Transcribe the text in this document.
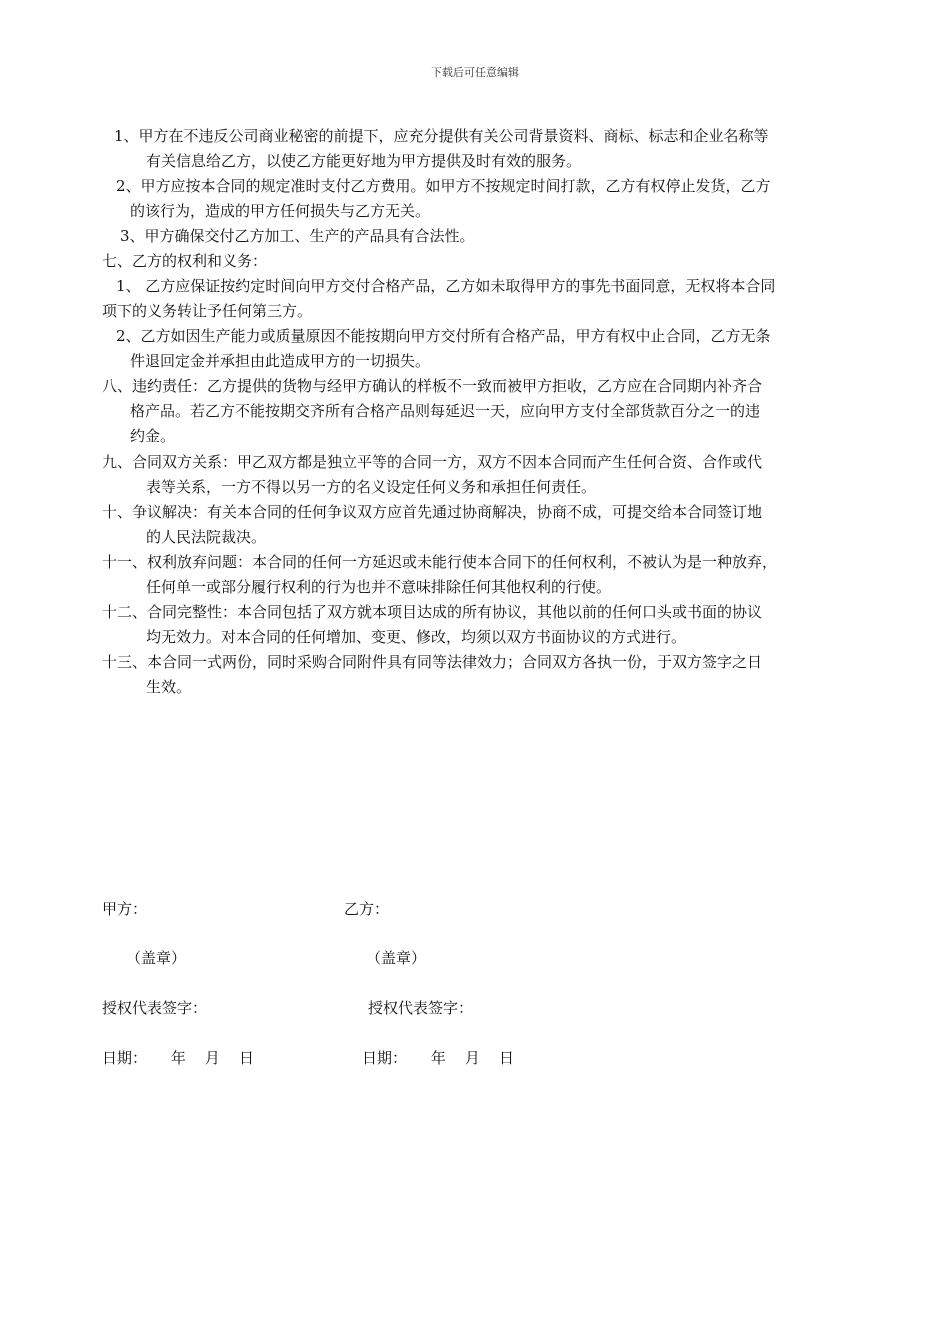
下载后可任意编辑
1、甲方在不违反公司商业秘密的前提下，应充分提供有关公司背景资料、商标、标志和企业名称等
有关信息给乙方，以使乙方能更好地为甲方提供及时有效的服务。
2、甲方应按本合同的规定准时支付乙方费用。如甲方不按规定时间打款，乙方有权停止发货，乙方
的该行为，造成的甲方任何损失与乙方无关。
3、甲方确保交付乙方加工、生产的产品具有合法性。
七、乙方的权利和义务：
1、 乙方应保证按约定时间向甲方交付合格产品，乙方如未取得甲方的事先书面同意，无权将本合同
项下的义务转让予任何第三方。
2、乙方如因生产能力或质量原因不能按期向甲方交付所有合格产品，甲方有权中止合同，乙方无条
件退回定金并承担由此造成甲方的一切损失。
八、违约责任：乙方提供的货物与经甲方确认的样板不一致而被甲方拒收，乙方应在合同期内补齐合
格产品。若乙方不能按期交齐所有合格产品则每延迟一天，应向甲方支付全部货款百分之一的违
约金。
九、合同双方关系：甲乙双方都是独立平等的合同一方，双方不因本合同而产生任何合资、合作或代
表等关系，一方不得以另一方的名义设定任何义务和承担任何责任。
十、争议解决：有关本合同的任何争议双方应首先通过协商解决，协商不成，可提交给本合同签订地
的人民法院裁决。
十一、权利放弃问题：本合同的任何一方延迟或未能行使本合同下的任何权利，不被认为是一种放弃，
任何单一或部分履行权利的行为也并不意味排除任何其他权利的行使。
十二、合同完整性：本合同包括了双方就本项目达成的所有协议，其他以前的任何口头或书面的协议
均无效力。对本合同的任何增加、变更、修改，均须以双方书面协议的方式进行。
十三、本合同一式两份，同时采购合同附件具有同等法律效力；合同双方各执一份，于双方签字之日
生效。
甲方：	乙方：
（盖章）	（盖章）
授权代表签字：	授权代表签字：
日期：     年    月    日	日期：     年    月    日
